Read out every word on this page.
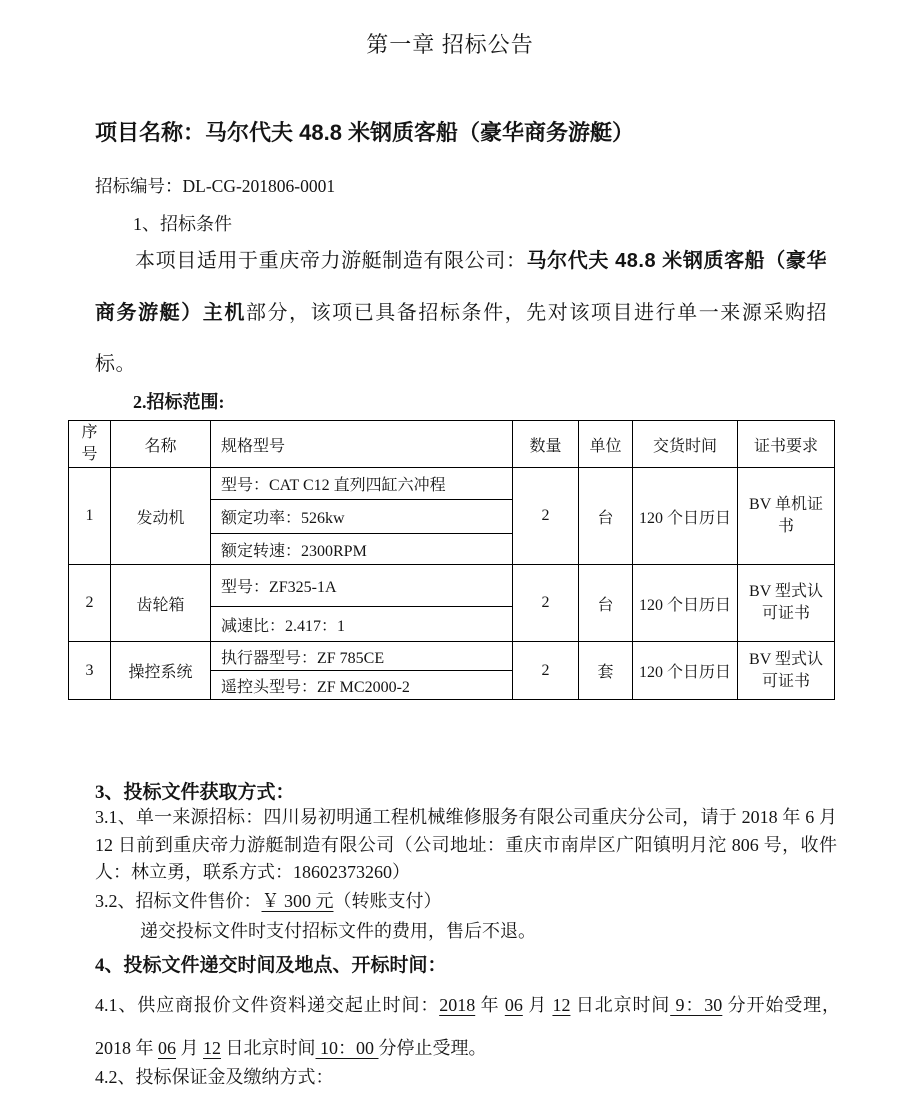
第一章 招标公告
项目名称：马尔代夫 48.8 米钢质客船（豪华商务游艇）
招标编号：DL-CG-201806-0001
1、招标条件
本项目适用于重庆帝力游艇制造有限公司：马尔代夫 48.8 米钢质客船（豪华商务游艇）主机部分，该项已具备招标条件，先对该项目进行单一来源采购招标。
2.招标范围:
序号	名称	规格型号	数量	单位	交货时间	证书要求
1	发动机	型号：CAT C12 直列四缸六冲程	2	台	120 个日历日	BV 单机证书
		额定功率：526kw				
		额定转速：2300RPM				
2	齿轮箱	型号：ZF325-1A	2	台	120 个日历日	BV 型式认可证书
		减速比：2.417：1				
3	操控系统	执行器型号：ZF 785CE	2	套	120 个日历日	BV 型式认可证书
		遥控头型号：ZF MC2000-2				
3、投标文件获取方式：
3.1、单一来源招标：四川易初明通工程机械维修服务有限公司重庆分公司，请于 2018 年 6 月 12 日前到重庆帝力游艇制造有限公司（公司地址：重庆市南岸区广阳镇明月沱 806 号，收件人：林立勇，联系方式：18602373260）
3.2、招标文件售价：￥ 300 元（转账支付）
递交投标文件时支付招标文件的费用，售后不退。
4、投标文件递交时间及地点、开标时间：
4.1、供应商报价文件资料递交起止时间：2018 年 06 月 12 日北京时间 9：30 分开始受理，2018 年 06 月 12 日北京时间 10：00 分停止受理。
4.2、投标保证金及缴纳方式：
